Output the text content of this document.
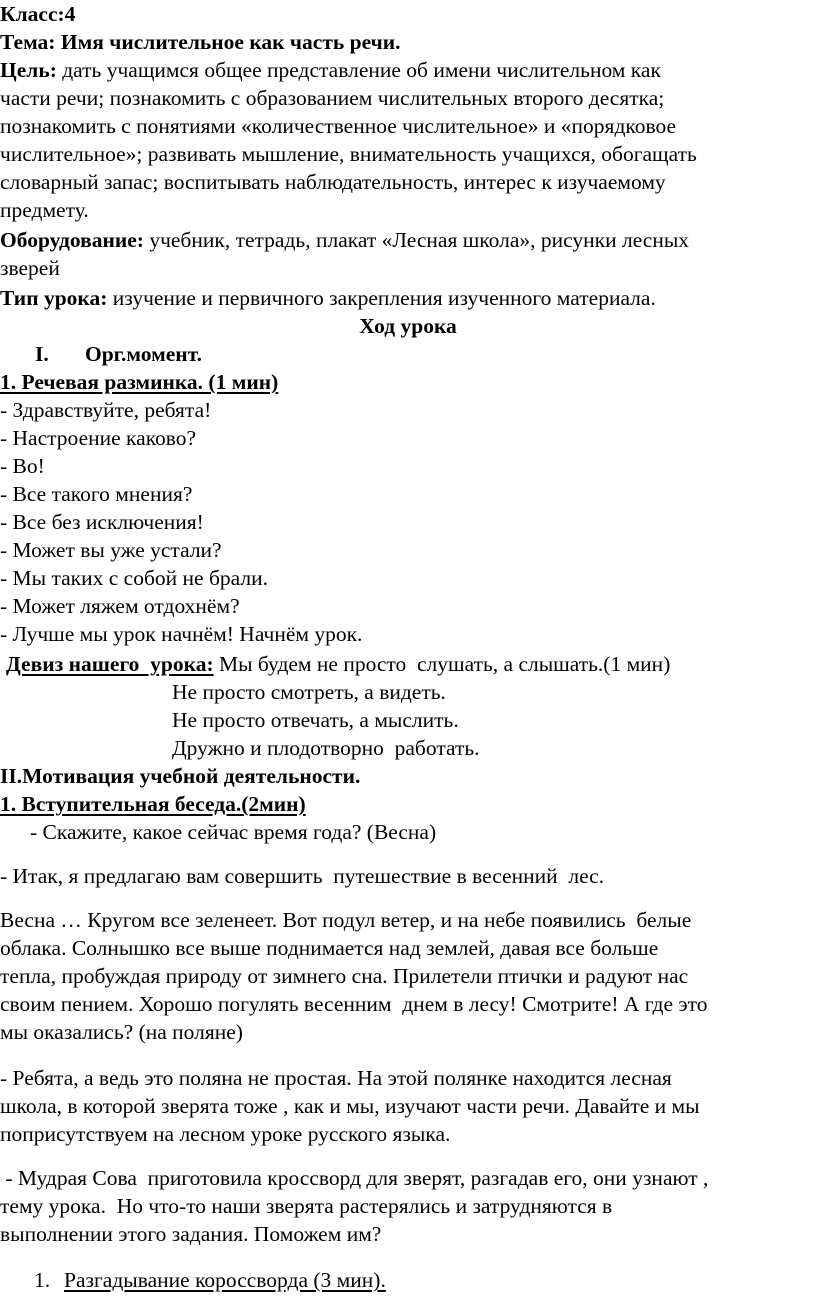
Класс:4
Тема: Имя числительное как часть речи.
Цель: дать учащимся общее представление об имени числительном как
части речи; познакомить с образованием числительных второго десятка;
познакомить с понятиями «количественное числительное» и «порядковое
числительное»; развивать мышление, внимательность учащихся, обогащать
словарный запас; воспитывать наблюдательность, интерес к изучаемому
предмету.
Оборудование: учебник, тетрадь, плакат «Лесная школа», рисунки лесных
зверей
Тип урока: изучение и первичного закрепления изученного материала.
Ход урока
I. Орг.момент.
1. Речевая разминка. (1 мин)
- Здравствуйте, ребята!
- Настроение каково?
- Во!
- Все такого мнения?
- Все без исключения!
- Может вы уже устали?
- Мы таких с собой не брали.
- Может ляжем отдохнём?
- Лучше мы урок начнём! Начнём урок.
Девиз нашего  урока: Мы будем не просто  слушать, а слышать.(1 мин)
Не просто смотреть, а видеть.
Не просто отвечать, а мыслить.
Дружно и плодотворно  работать.
II.Мотивация учебной деятельности.
1. Вступительная беседа.(2мин)
- Скажите, какое сейчас время года? (Весна)
- Итак, я предлагаю вам совершить  путешествие в весенний  лес.
Весна … Кругом все зеленеет. Вот подул ветер, и на небе появились  белые
облака. Солнышко все выше поднимается над землей, давая все больше
тепла, пробуждая природу от зимнего сна. Прилетели птички и радуют нас
своим пением. Хорошо погулять весенним  днем в лесу! Смотрите! А где это
мы оказались? (на поляне)
- Ребята, а ведь это поляна не простая. На этой полянке находится лесная
школа, в которой зверята тоже , как и мы, изучают части речи. Давайте и мы
поприсутствуем на лесном уроке русского языка.
- Мудрая Сова  приготовила кроссворд для зверят, разгадав его, они узнают ,
тему урока.  Но что-то наши зверята растерялись и затрудняются в
выполнении этого задания. Поможем им?
1. Разгадывание короссворда (3 мин).
